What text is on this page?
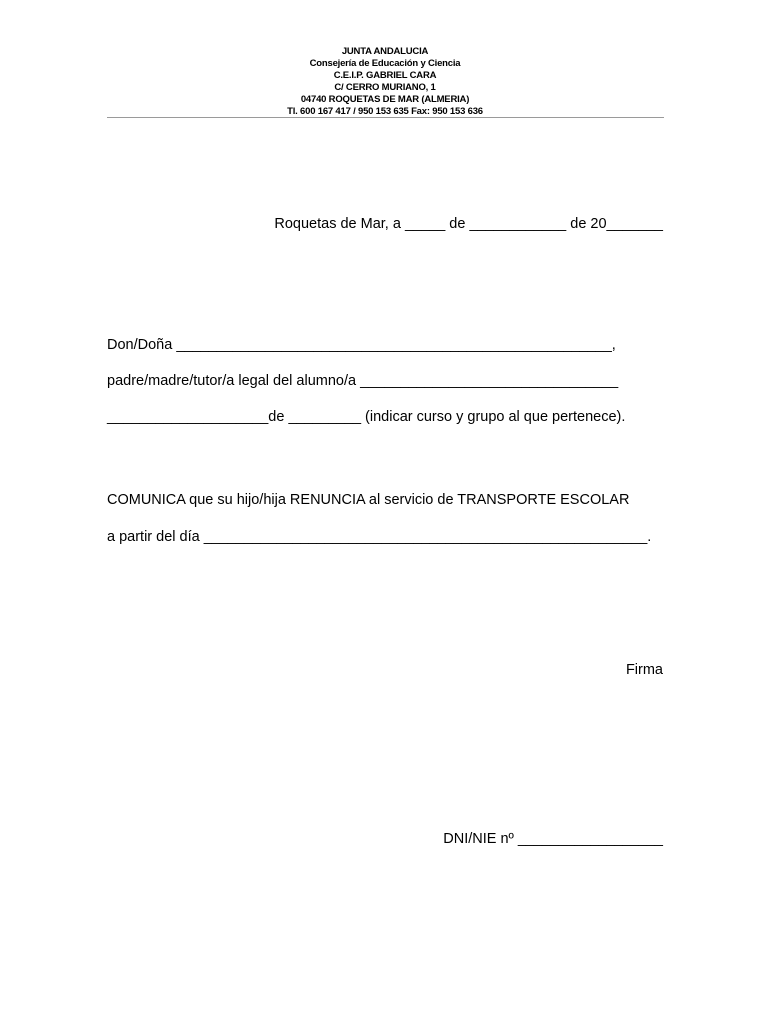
JUNTA ANDALUCIA
Consejería de Educación y Ciencia
C.E.I.P. GABRIEL CARA
C/ CERRO MURIANO, 1
04740 ROQUETAS DE MAR (ALMERIA)
Tl. 600 167 417 / 950 153 635 Fax: 950 153 636
Roquetas de Mar, a _____ de ____________ de 20_______
Don/Doña ______________________________________________________,
padre/madre/tutor/a legal del alumno/a ________________________________
____________________de _________ (indicar curso y grupo al que pertenece).
COMUNICA que su hijo/hija RENUNCIA al servicio de TRANSPORTE ESCOLAR
a partir del día _______________________________________________________.
Firma
DNI/NIE nº __________________
